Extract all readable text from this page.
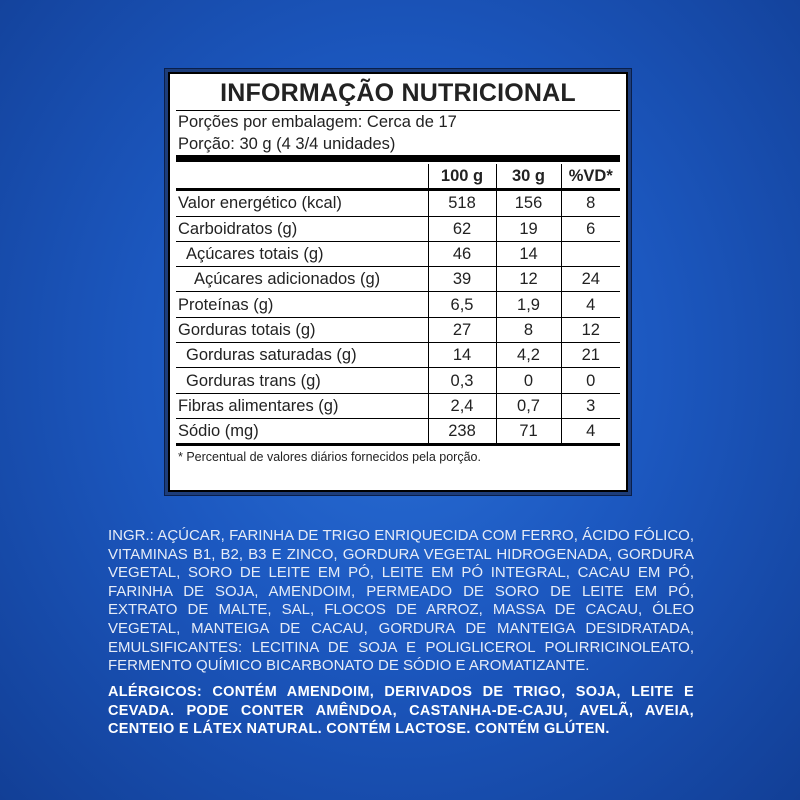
INFORMAÇÃO NUTRICIONAL
Porções por embalagem: Cerca de 17
Porção: 30 g (4 3/4 unidades)
	100 g	30 g	%VD*
Valor energético (kcal)	518	156	8
Carboidratos (g)	62	19	6
Açúcares totais (g)	46	14	
Açúcares adicionados (g)	39	12	24
Proteínas (g)	6,5	1,9	4
Gorduras totais (g)	27	8	12
Gorduras saturadas (g)	14	4,2	21
Gorduras trans (g)	0,3	0	0
Fibras alimentares (g)	2,4	0,7	3
Sódio (mg)	238	71	4
* Percentual de valores diários fornecidos pela porção.
INGR.: AÇÚCAR, FARINHA DE TRIGO ENRIQUECIDA COM FERRO, ÁCIDO FÓLICO, VITAMINAS B1, B2, B3 E ZINCO, GORDURA VEGETAL HIDROGENADA, GORDURA VEGETAL, SORO DE LEITE EM PÓ, LEITE EM PÓ INTEGRAL, CACAU EM PÓ, FARINHA DE SOJA, AMENDOIM, PERMEADO DE SORO DE LEITE EM PÓ, EXTRATO DE MALTE, SAL, FLOCOS DE ARROZ, MASSA DE CACAU, ÓLEO VEGETAL, MANTEIGA DE CACAU, GORDURA DE MANTEIGA DESIDRATADA, EMULSIFICANTES: LECITINA DE SOJA E POLIGLICEROL POLIRRICINOLEATO, FERMENTO QUÍMICO BICARBONATO DE SÓDIO E AROMATIZANTE.
ALÉRGICOS: CONTÉM AMENDOIM, DERIVADOS DE TRIGO, SOJA, LEITE E CEVADA. PODE CONTER AMÊNDOA, CASTANHA-DE-CAJU, AVELÃ, AVEIA, CENTEIO E LÁTEX NATURAL. CONTÉM LACTOSE. CONTÉM GLÚTEN.
